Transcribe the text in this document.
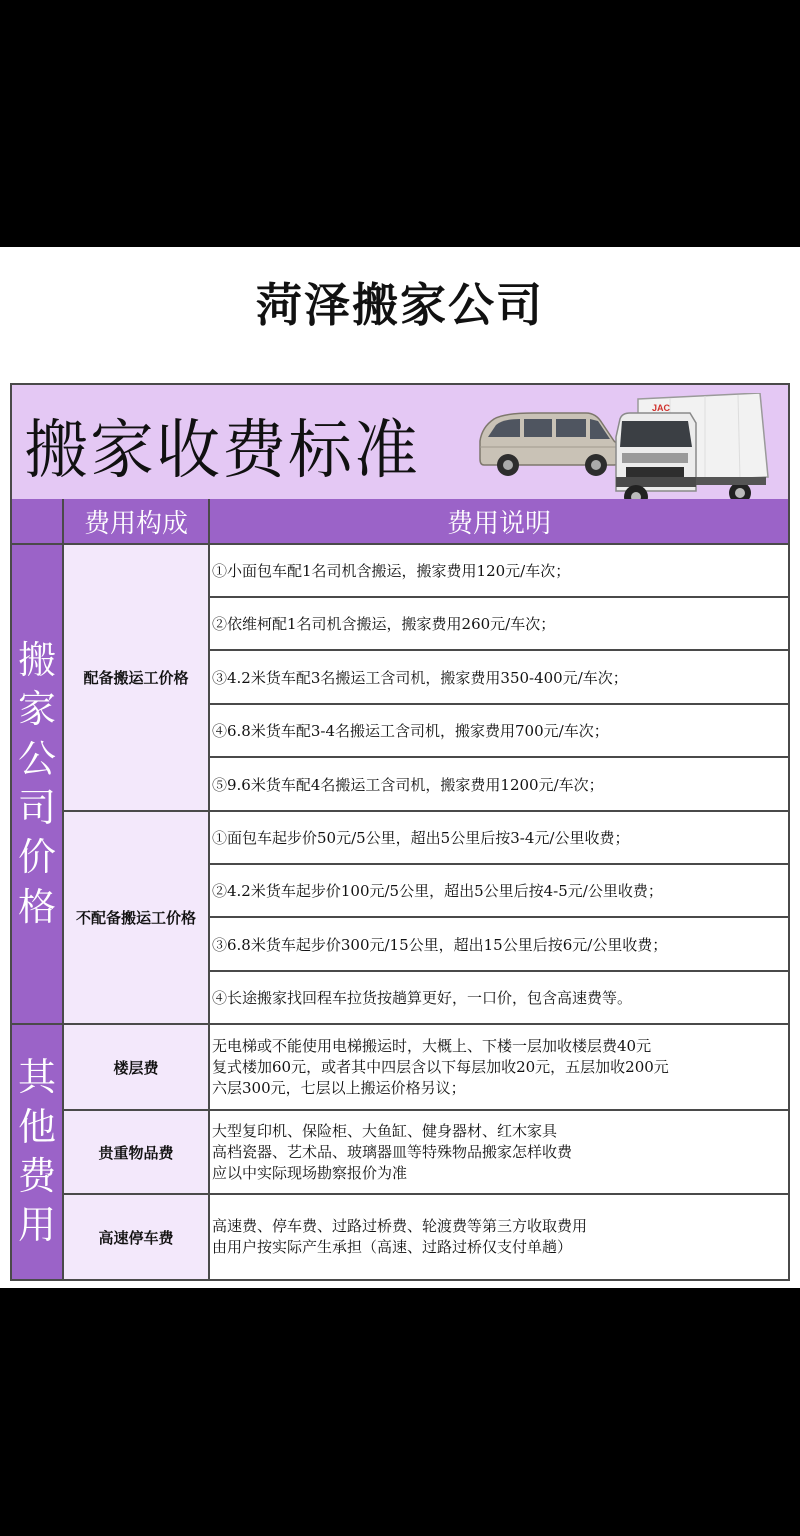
菏泽搬家公司
搬家收费标准
JAC
费用构成	费用说明
搬
家
公
司
价
格
配备搬运工价格
①小面包车配1名司机含搬运，搬家费用120元/车次；
②依维柯配1名司机含搬运，搬家费用260元/车次；
③4.2米货车配3名搬运工含司机，搬家费用350-400元/车次；
④6.8米货车配3-4名搬运工含司机，搬家费用700元/车次；
⑤9.6米货车配4名搬运工含司机，搬家费用1200元/车次；
不配备搬运工价格
①面包车起步价50元/5公里，超出5公里后按3-4元/公里收费；
②4.2米货车起步价100元/5公里，超出5公里后按4-5元/公里收费；
③6.8米货车起步价300元/15公里，超出15公里后按6元/公里收费；
④长途搬家找回程车拉货按趟算更好，一口价，包含高速费等。
其
他
费
用
楼层费
无电梯或不能使用电梯搬运时，大概上、下楼一层加收楼层费40元
复式楼加60元，或者其中四层含以下每层加收20元，五层加收200元
六层300元，七层以上搬运价格另议；
贵重物品费
大型复印机、保险柜、大鱼缸、健身器材、红木家具
高档瓷器、艺术品、玻璃器皿等特殊物品搬家怎样收费
应以中实际现场勘察报价为准
高速停车费
高速费、停车费、过路过桥费、轮渡费等第三方收取费用
由用户按实际产生承担（高速、过路过桥仅支付单趟）
